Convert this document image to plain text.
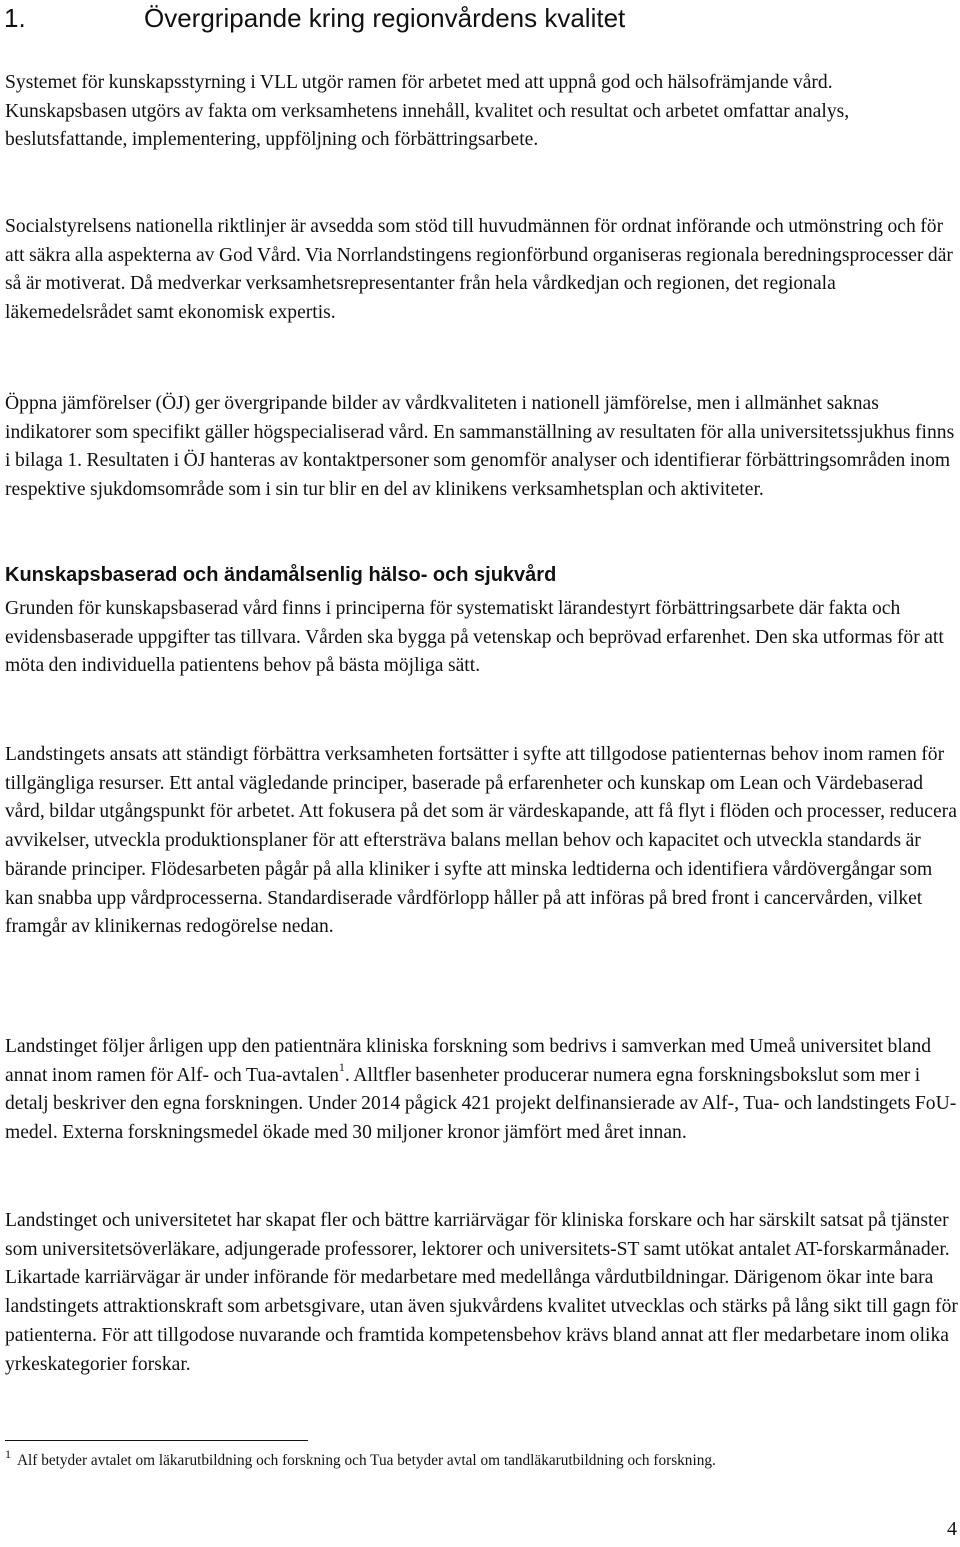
1.	Övergripande kring regionvårdens kvalitet

Systemet för kunskapsstyrning i VLL utgör ramen för arbetet med att uppnå god och hälsofrämjande vård. Kunskapsbasen utgörs av fakta om verksamhetens innehåll, kvalitet och resultat och arbetet omfattar analys, beslutsfattande, implementering, uppföljning och förbättringsarbete.

Socialstyrelsens nationella riktlinjer är avsedda som stöd till huvudmännen för ordnat införande och utmönstring och för att säkra alla aspekterna av God Vård. Via Norrlandstingens regionförbund organiseras regionala beredningsprocesser där så är motiverat. Då medverkar verksamhetsrepresentanter från hela vårdkedjan och regionen, det regionala läkemedelsrådet samt ekonomisk expertis.

Öppna jämförelser (ÖJ) ger övergripande bilder av vårdkvaliteten i nationell jämförelse, men i allmänhet saknas indikatorer som specifikt gäller högspecialiserad vård. En sammanställning av resultaten för alla universitetssjukhus finns i bilaga 1. Resultaten i ÖJ hanteras av kontaktpersoner som genomför analyser och identifierar förbättringsområden inom respektive sjukdomsområde som i sin tur blir en del av klinikens verksamhetsplan och aktiviteter.

Kunskapsbaserad och ändamålsenlig hälso- och sjukvård

Grunden för kunskapsbaserad vård finns i principerna för systematiskt lärandestyrt förbättringsarbete där fakta och evidensbaserade uppgifter tas tillvara. Vården ska bygga på vetenskap och beprövad erfarenhet. Den ska utformas för att möta den individuella patientens behov på bästa möjliga sätt.

Landstingets ansats att ständigt förbättra verksamheten fortsätter i syfte att tillgodose patienternas behov inom ramen för tillgängliga resurser. Ett antal vägledande principer, baserade på erfarenheter och kunskap om Lean och Värdebaserad vård, bildar utgångspunkt för arbetet. Att fokusera på det som är värdeskapande, att få flyt i flöden och processer, reducera avvikelser, utveckla produktionsplaner för att eftersträva balans mellan behov och kapacitet och utveckla standards är bärande principer. Flödesarbeten pågår på alla kliniker i syfte att minska ledtiderna och identifiera vårdövergångar som kan snabba upp vårdprocesserna. Standardiserade vårdförlopp håller på att införas på bred front i cancervården, vilket framgår av klinikernas redogörelse nedan.

Landstinget följer årligen upp den patientnära kliniska forskning som bedrivs i samverkan med Umeå universitet bland annat inom ramen för Alf- och Tua-avtalen$^1$. Alltfler basenheter producerar numera egna forskningsbokslut som mer i detalj beskriver den egna forskningen. Under 2014 pågick 421 projekt delfinansierade av Alf-, Tua- och landstingets FoU-medel. Externa forskningsmedel ökade med 30 miljoner kronor jämfört med året innan.

Landstinget och universitetet har skapat fler och bättre karriärvägar för kliniska forskare och har särskilt satsat på tjänster som universitetsöverläkare, adjungerade professorer, lektorer och universitets-ST samt utökat antalet AT-forskarmånader. Likartade karriärvägar är under införande för medarbetare med medellånga vårdutbildningar. Därigenom ökar inte bara landstingets attraktionskraft som arbetsgivare, utan även sjukvårdens kvalitet utvecklas och stärks på lång sikt till gagn för patienterna. För att tillgodose nuvarande och framtida kompetensbehov krävs bland annat att fler medarbetare inom olika yrkeskategorier forskar.

$^1$ Alf betyder avtalet om läkarutbildning och forskning och Tua betyder avtal om tandläkarutbildning och forskning.

4
